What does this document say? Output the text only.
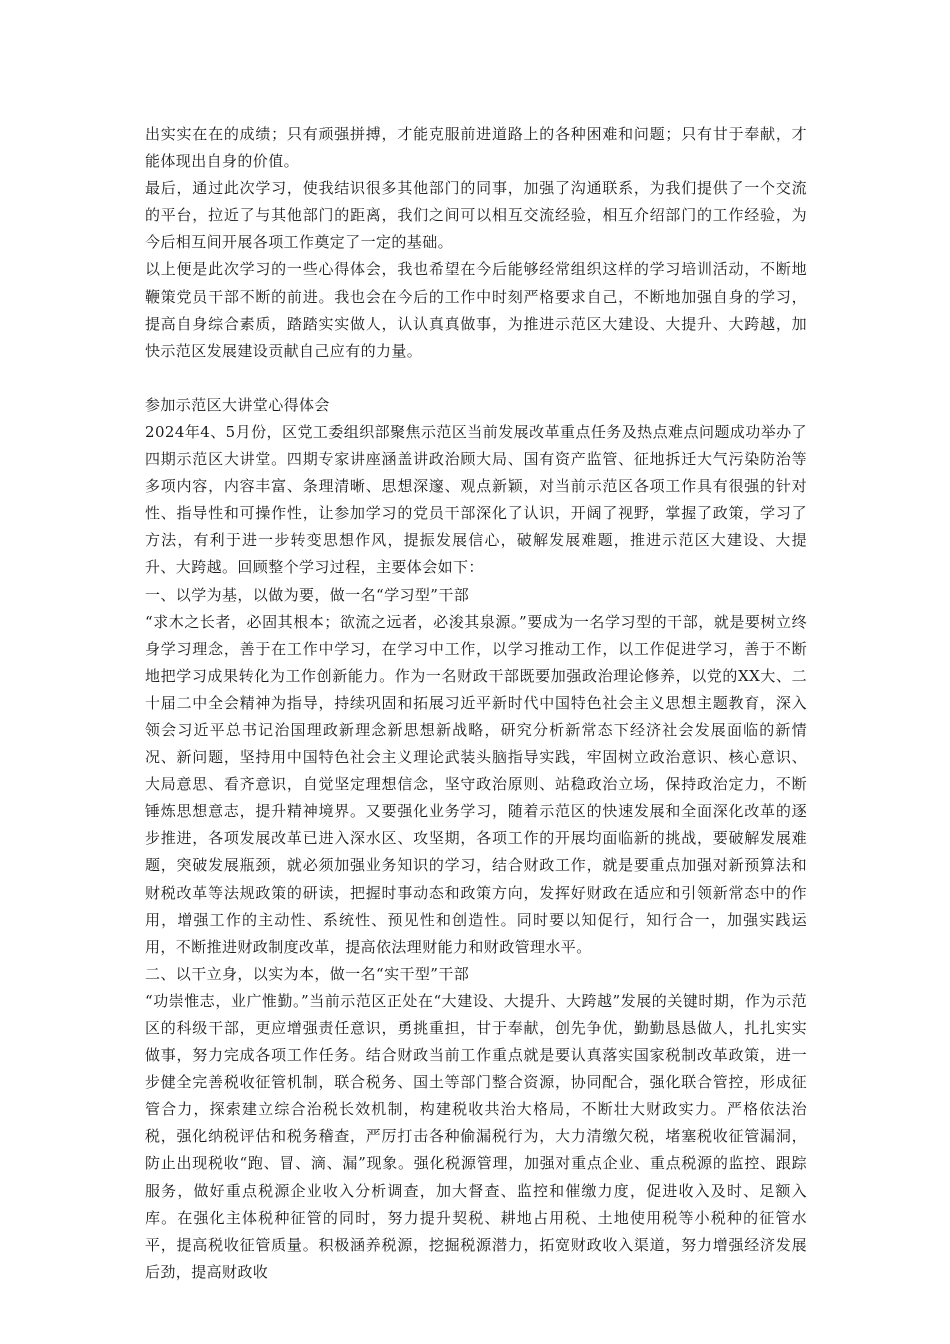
出实实在在的成绩；只有顽强拼搏，才能克服前进道路上的各种困难和问题；只有甘于奉献，才能体现出自身的价值。

最后，通过此次学习，使我结识很多其他部门的同事，加强了沟通联系，为我们提供了一个交流的平台，拉近了与其他部门的距离，我们之间可以相互交流经验，相互介绍部门的工作经验，为今后相互间开展各项工作奠定了一定的基础。

以上便是此次学习的一些心得体会，我也希望在今后能够经常组织这样的学习培训活动，不断地鞭策党员干部不断的前进。我也会在今后的工作中时刻严格要求自己，不断地加强自身的学习，提高自身综合素质，踏踏实实做人，认认真真做事，为推进示范区大建设、大提升、大跨越，加快示范区发展建设贡献自己应有的力量。

参加示范区大讲堂心得体会

2024年4、5月份，区党工委组织部聚焦示范区当前发展改革重点任务及热点难点问题成功举办了四期示范区大讲堂。四期专家讲座涵盖讲政治顾大局、国有资产监管、征地拆迁大气污染防治等多项内容，内容丰富、条理清晰、思想深邃、观点新颖，对当前示范区各项工作具有很强的针对性、指导性和可操作性，让参加学习的党员干部深化了认识，开阔了视野，掌握了政策，学习了方法，有利于进一步转变思想作风，提振发展信心，破解发展难题，推进示范区大建设、大提升、大跨越。回顾整个学习过程，主要体会如下：

一、以学为基，以做为要，做一名“学习型”干部

“求木之长者，必固其根本；欲流之远者，必浚其泉源。”要成为一名学习型的干部，就是要树立终身学习理念，善于在工作中学习，在学习中工作，以学习推动工作，以工作促进学习，善于不断地把学习成果转化为工作创新能力。作为一名财政干部既要加强政治理论修养，以党的XX大、二十届二中全会精神为指导，持续巩固和拓展习近平新时代中国特色社会主义思想主题教育，深入领会习近平总书记治国理政新理念新思想新战略，研究分析新常态下经济社会发展面临的新情况、新问题，坚持用中国特色社会主义理论武装头脑指导实践，牢固树立政治意识、核心意识、大局意思、看齐意识，自觉坚定理想信念，坚守政治原则、站稳政治立场，保持政治定力，不断锤炼思想意志，提升精神境界。又要强化业务学习，随着示范区的快速发展和全面深化改革的逐步推进，各项发展改革已进入深水区、攻坚期，各项工作的开展均面临新的挑战，要破解发展难题，突破发展瓶颈，就必须加强业务知识的学习，结合财政工作，就是要重点加强对新预算法和财税改革等法规政策的研读，把握时事动态和政策方向，发挥好财政在适应和引领新常态中的作用，增强工作的主动性、系统性、预见性和创造性。同时要以知促行，知行合一，加强实践运用，不断推进财政制度改革，提高依法理财能力和财政管理水平。

二、以干立身，以实为本，做一名“实干型”干部

“功崇惟志，业广惟勤。”当前示范区正处在“大建设、大提升、大跨越”发展的关键时期，作为示范区的科级干部，更应增强责任意识，勇挑重担，甘于奉献，创先争优，勤勤恳恳做人，扎扎实实做事，努力完成各项工作任务。结合财政当前工作重点就是要认真落实国家税制改革政策，进一步健全完善税收征管机制，联合税务、国土等部门整合资源，协同配合，强化联合管控，形成征管合力，探索建立综合治税长效机制，构建税收共治大格局，不断壮大财政实力。严格依法治税，强化纳税评估和税务稽查，严厉打击各种偷漏税行为，大力清缴欠税，堵塞税收征管漏洞，防止出现税收“跑、冒、滴、漏”现象。强化税源管理，加强对重点企业、重点税源的监控、跟踪服务，做好重点税源企业收入分析调查，加大督查、监控和催缴力度，促进收入及时、足额入库。在强化主体税种征管的同时，努力提升契税、耕地占用税、土地使用税等小税种的征管水平，提高税收征管质量。积极涵养税源，挖掘税源潜力，拓宽财政收入渠道，努力增强经济发展后劲，提高财政收
